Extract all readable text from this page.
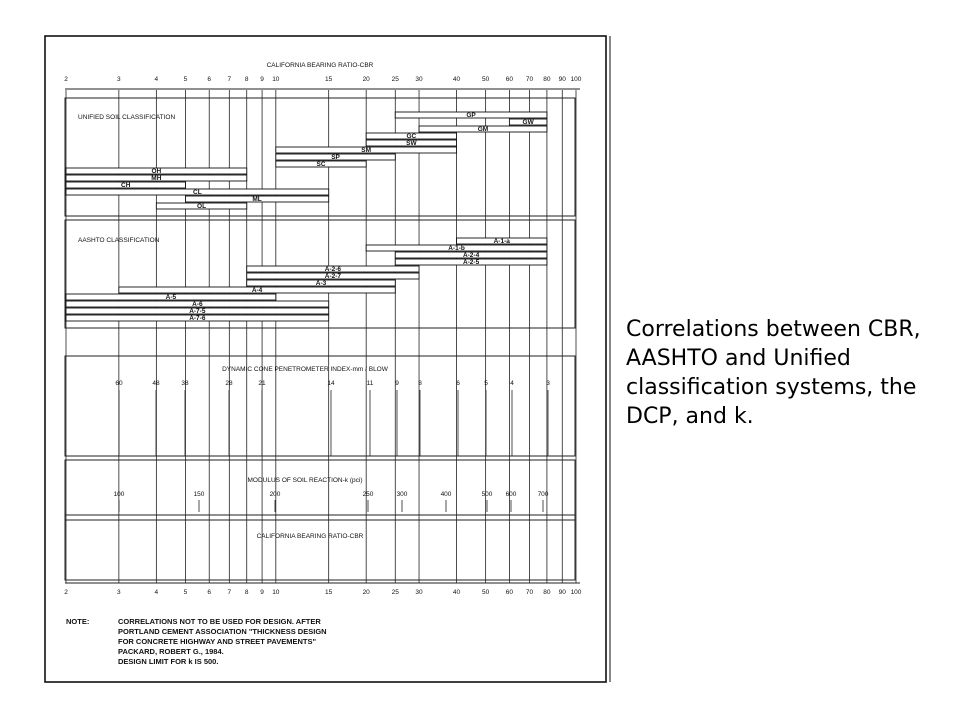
CALIFORNIA BEARING RATIO-CBR
2	3	4	5	6	7 8 9 10	15	20	25	30	40	50	60 70 80 90 100
UNIFIED SOIL CLASSIFICATION	GP
GW
GM
GC
SW
SM
SP
SC
OH
MH
CH
CL
ML
OL
AASHTO CLASSIFICATION	A-1-a
A-1-b
A-2-4
A-2-5
A-2-6
A-2-7
A-3
A-4
A-5
A-6
A-7-5
A-7-6
DYNAMIC CONE PENETROMETER INDEX-mm / BLOW
60	48	38	28	21	14	11	9	8	6	5	4	3
MODULUS OF SOIL REACTION-k (pci)
100	150	200	250	300	400	500 600	700
CALIFORNIA BEARING RATIO-CBR
2	3	4	5	6	7 8 9 10	15	20	25	30	40	50	60 70 80 90 100
NOTE:	CORRELATIONS NOT TO BE USED FOR DESIGN. AFTER
PORTLAND CEMENT ASSOCIATION "THICKNESS DESIGN
FOR CONCRETE HIGHWAY AND STREET PAVEMENTS"
PACKARD, ROBERT G., 1984.
DESIGN LIMIT FOR k IS 500.
Correlations between CBR, AASHTO and Unified classification systems, the DCP, and k.
